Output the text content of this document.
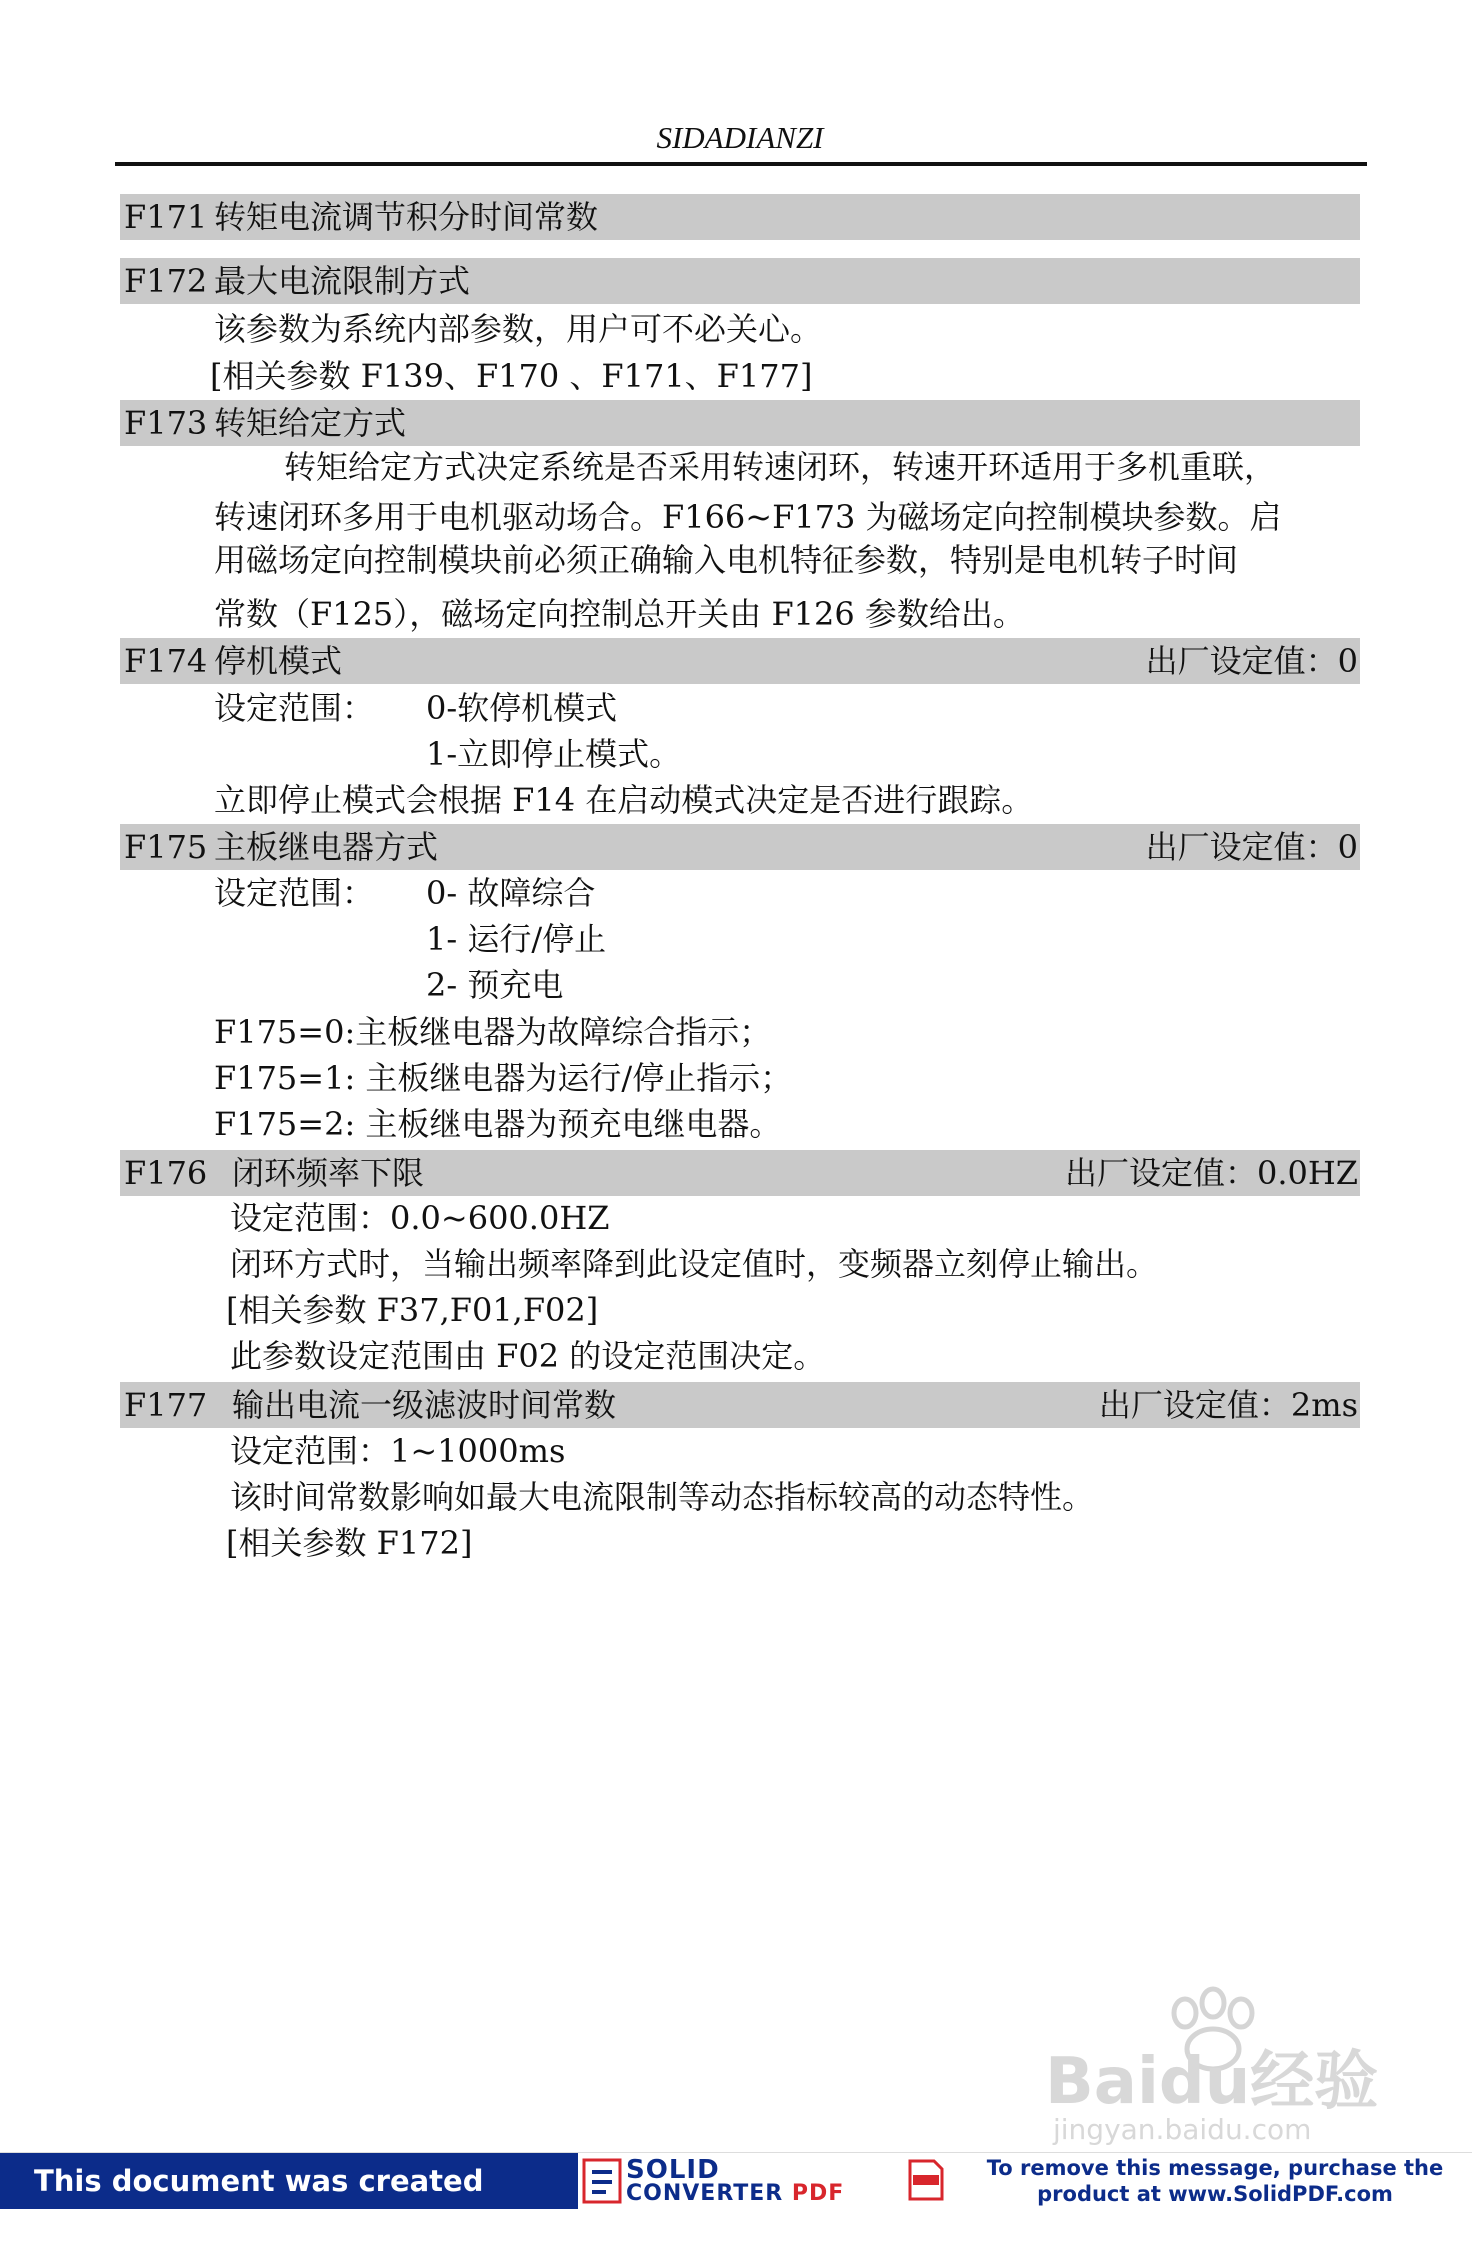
SIDADIANZI
F171 转矩电流调节积分时间常数
F172 最大电流限制方式
该参数为系统内部参数，用户可不必关心。
[相关参数 F139、F170 、F171、F177]
F173 转矩给定方式
转矩给定方式决定系统是否采用转速闭环，转速开环适用于多机重联，
转速闭环多用于电机驱动场合。F166~F173 为磁场定向控制模块参数。启
用磁场定向控制模块前必须正确输入电机特征参数，特别是电机转子时间
常数（F125），磁场定向控制总开关由 F126 参数给出。
F174 停机模式	出厂设定值：0
设定范围： 0-软停机模式
1-立即停止模式。
立即停止模式会根据 F14 在启动模式决定是否进行跟踪。
F175 主板继电器方式	出厂设定值：0
设定范围： 0- 故障综合
1- 运行/停止
2- 预充电
F175=0:主板继电器为故障综合指示；
F175=1: 主板继电器为运行/停止指示；
F175=2: 主板继电器为预充电继电器。
F176 闭环频率下限	出厂设定值：0.0HZ
设定范围：0.0~600.0HZ
闭环方式时，当输出频率降到此设定值时，变频器立刻停止输出。
[相关参数 F37,F01,F02]
此参数设定范围由 F02 的设定范围决定。
F177 输出电流一级滤波时间常数	出厂设定值：2ms
设定范围：1~1000ms
该时间常数影响如最大电流限制等动态指标较高的动态特性。
[相关参数 F172]
Baidu经验
jingyan.baidu.com
This document was created using
SOLID
CONVERTER PDF
To remove this message, purchase the
product at www.SolidPDF.com
